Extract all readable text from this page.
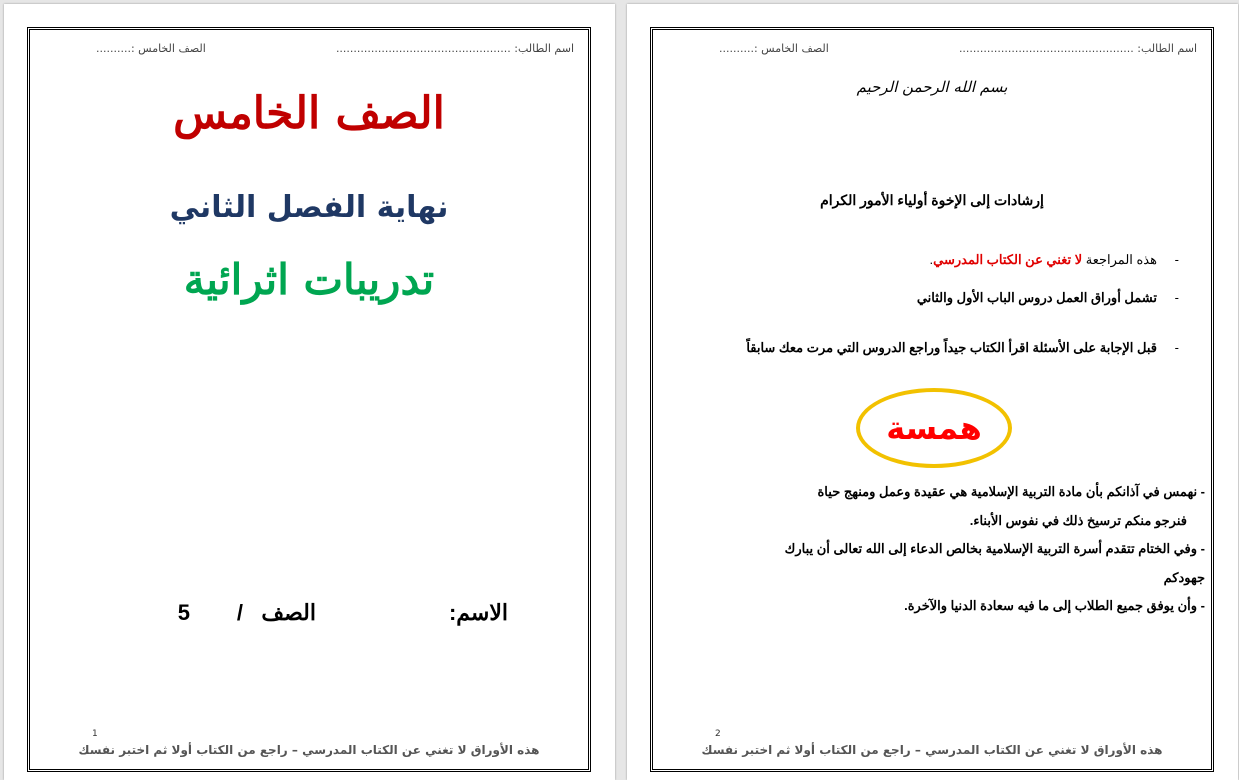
اسم الطالب: ..................................................
الصف الخامس :..........
الصف الخامس
نهاية الفصل الثاني
تدريبات اثرائية
الاسم:
الصف
/
5
1
هذه الأوراق لا تغني عن الكتاب المدرسي – راجع من الكتاب أولا ثم اختبر نفسك
اسم الطالب: ..................................................
الصف الخامس :..........
بسم الله الرحمن الرحيم
إرشادات إلى الإخوة أولياء الأمور الكرام
- هذه المراجعة لا تغني عن الكتاب المدرسي.
- تشمل أوراق العمل دروس الباب الأول والثاني
- قبل الإجابة على الأسئلة اقرأ الكتاب جيداً وراجع الدروس التي مرت معك سابقاً
همسة

- نهمس في آذانكم بأن مادة التربية الإسلامية هي عقيدة وعمل ومنهج حياة

فنرجو منكم ترسيخ ذلك في نفوس الأبناء.

- وفي الختام تتقدم أسرة التربية الإسلامية بخالص الدعاء إلى الله تعالى أن يبارك

جهودكم

- وأن يوفق جميع الطلاب إلى ما فيه سعادة الدنيا والآخرة.

2
هذه الأوراق لا تغني عن الكتاب المدرسي – راجع من الكتاب أولا ثم اختبر نفسك
